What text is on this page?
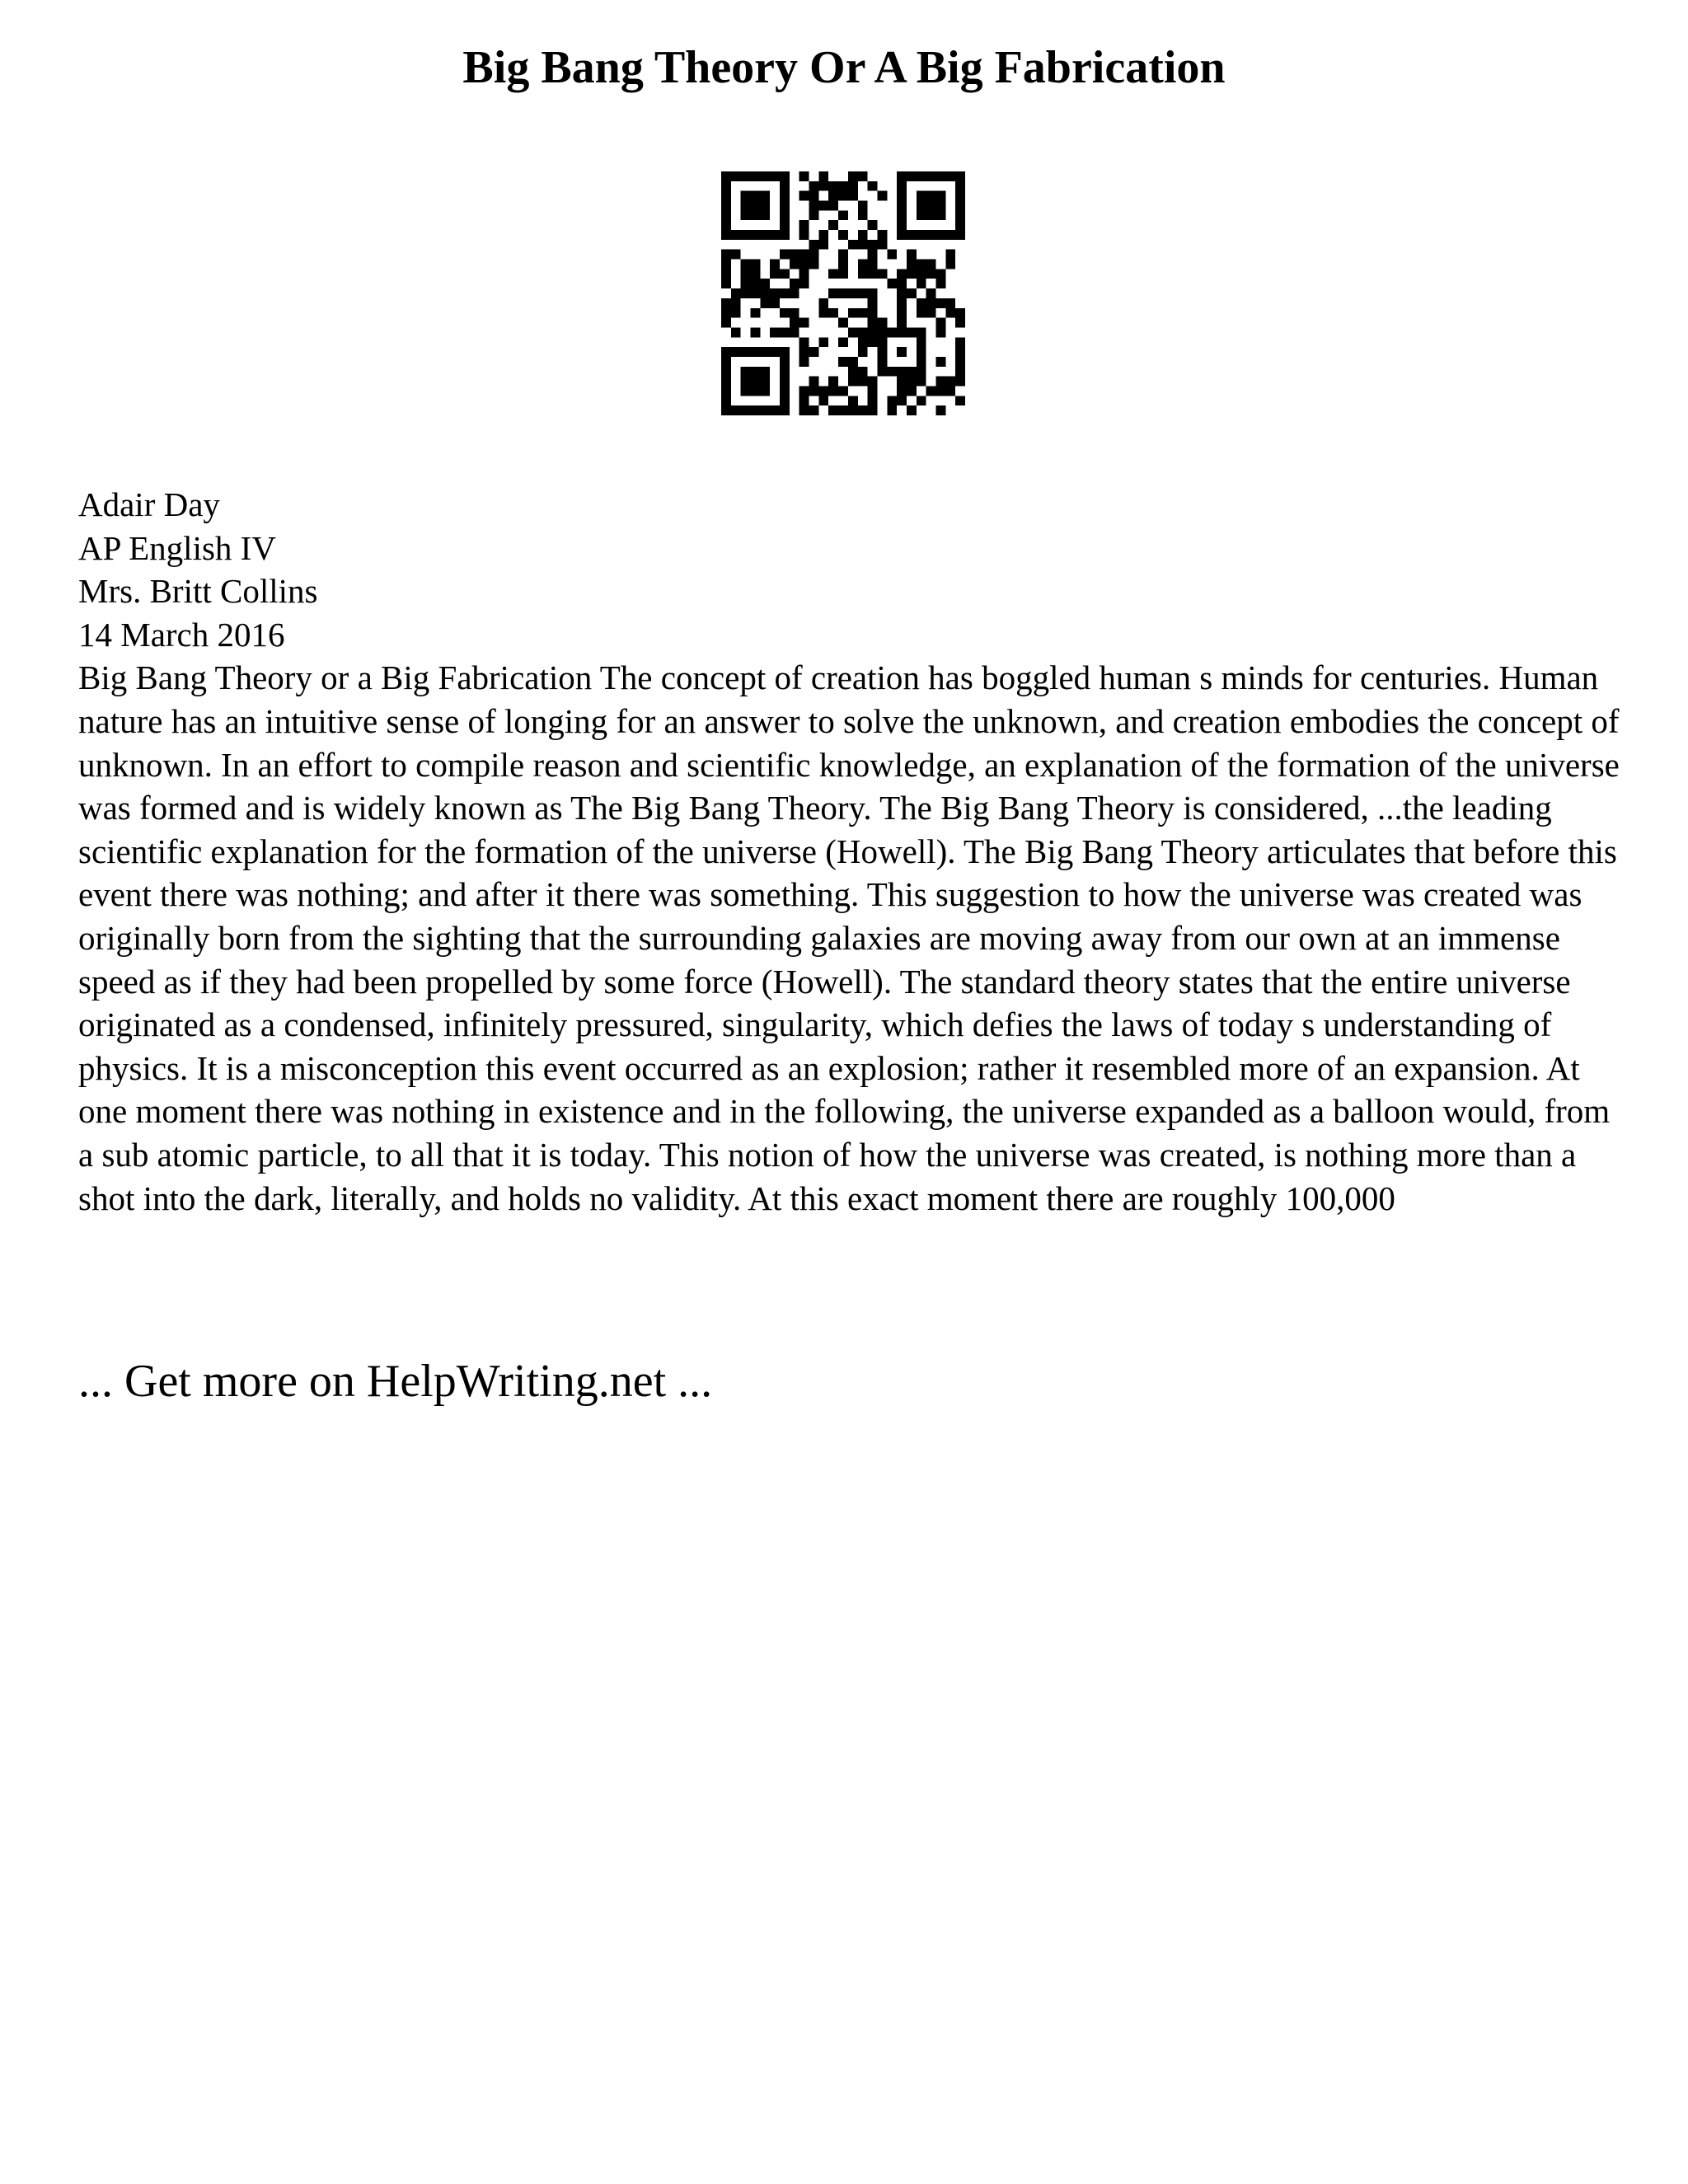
Big Bang Theory Or A Big Fabrication
Adair Day
AP English IV
Mrs. Britt Collins
14 March 2016

Big Bang Theory or a Big Fabrication The concept of creation has boggled human s minds for centuries. Human nature has an intuitive sense of longing for an answer to solve the unknown, and creation embodies the concept of unknown. In an effort to compile reason and scientific knowledge, an explanation of the formation of the universe was formed and is widely known as The Big Bang Theory. The Big Bang Theory is considered, ...the leading scientific explanation for the formation of the universe (Howell). The Big Bang Theory articulates that before this event there was nothing; and after it there was something. This suggestion to how the universe was created was originally born from the sighting that the surrounding galaxies are moving away from our own at an immense speed as if they had been propelled by some force (Howell). The standard theory states that the entire universe originated as a condensed, infinitely pressured, singularity, which defies the laws of today s understanding of physics. It is a misconception this event occurred as an explosion; rather it resembled more of an expansion. At one moment there was nothing in existence and in the following, the universe expanded as a balloon would, from a sub atomic particle, to all that it is today. This notion of how the universe was created, is nothing more than a shot into the dark, literally, and holds no validity. At this exact moment there are roughly 100,000

... Get more on HelpWriting.net ...
